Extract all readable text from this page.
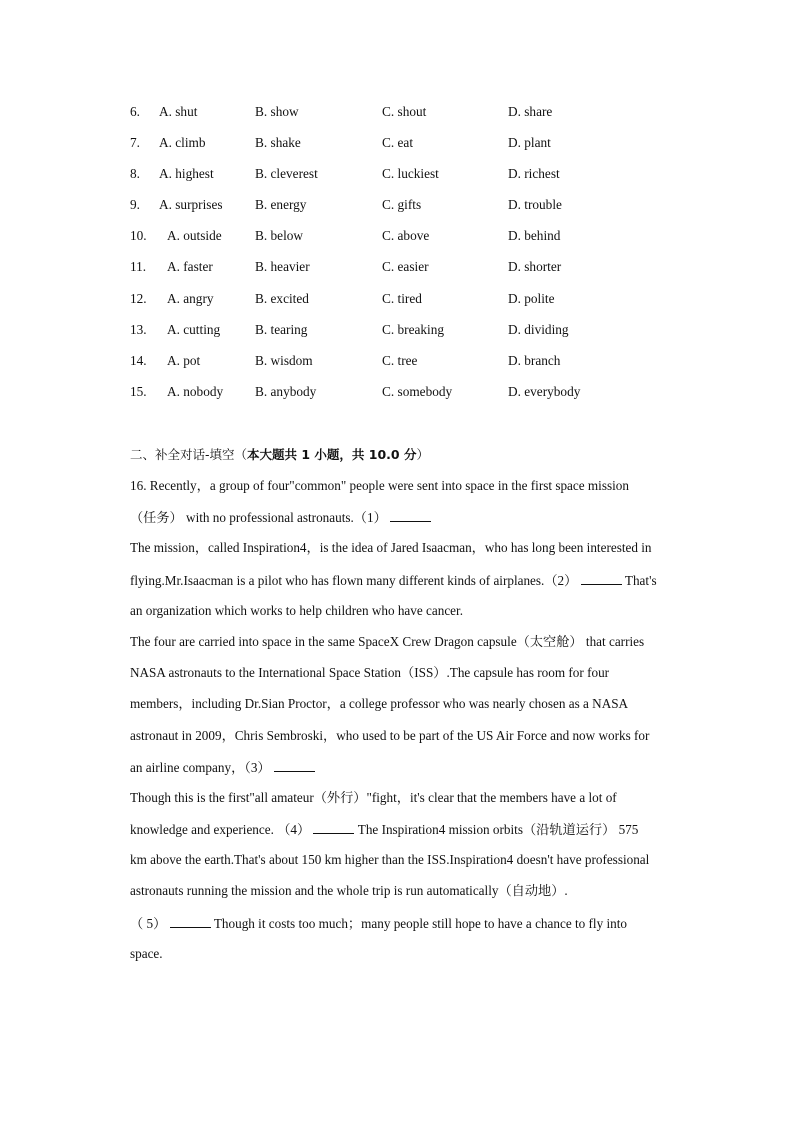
6. A. shut	B. show	C. shout	D. share
7. A. climb	B. shake	C. eat	D. plant
8. A. highest	B. cleverest	C. luckiest	D. richest
9. A. surprises B. energy	C. gifts	D. trouble
10. A. outside	B. below	C. above	D. behind
11. A. faster	B. heavier	C. easier	D. shorter
12. A. angry	B. excited	C. tired	D. polite
13. A. cutting	B. tearing	C. breaking	D. dividing
14. A. pot	B. wisdom	C. tree	D. branch
15. A. nobody B. anybody	C. somebody	D. everybody
二、补全对话-填空（本大题共 1 小题，共 10.0 分）
16. Recently，a group of four"common" people were sent into space in the first space mission
（任务） with no professional astronauts.（1）
The mission，called Inspiration4，is the idea of Jared Isaacman，who has long been interested in
flying.Mr.Isaacman is a pilot who has flown many different kinds of airplanes.（2）	That's
an organization which works to help children who have cancer.
The four are carried into space in the same SpaceX Crew Dragon capsule（太空舱） that carries
NASA astronauts to the International Space Station（ISS）.The capsule has room for four
members，including Dr.Sian Proctor，a college professor who was nearly chosen as a NASA
astronaut in 2009，Chris Sembroski，who used to be part of the US Air Force and now works for
an airline company，（3）
Though this is the first"all amateur（外行）"fight，it's clear that the members have a lot of
knowledge and experience. （4）	The Inspiration4 mission orbits（沿轨道运行） 575
km above the earth.That's about 150 km higher than the ISS.Inspiration4 doesn't have professional
astronauts running the mission and the whole trip is run automatically（自动地）.
（ 5）	Though it costs too much；many people still hope to have a chance to fly into
space.
